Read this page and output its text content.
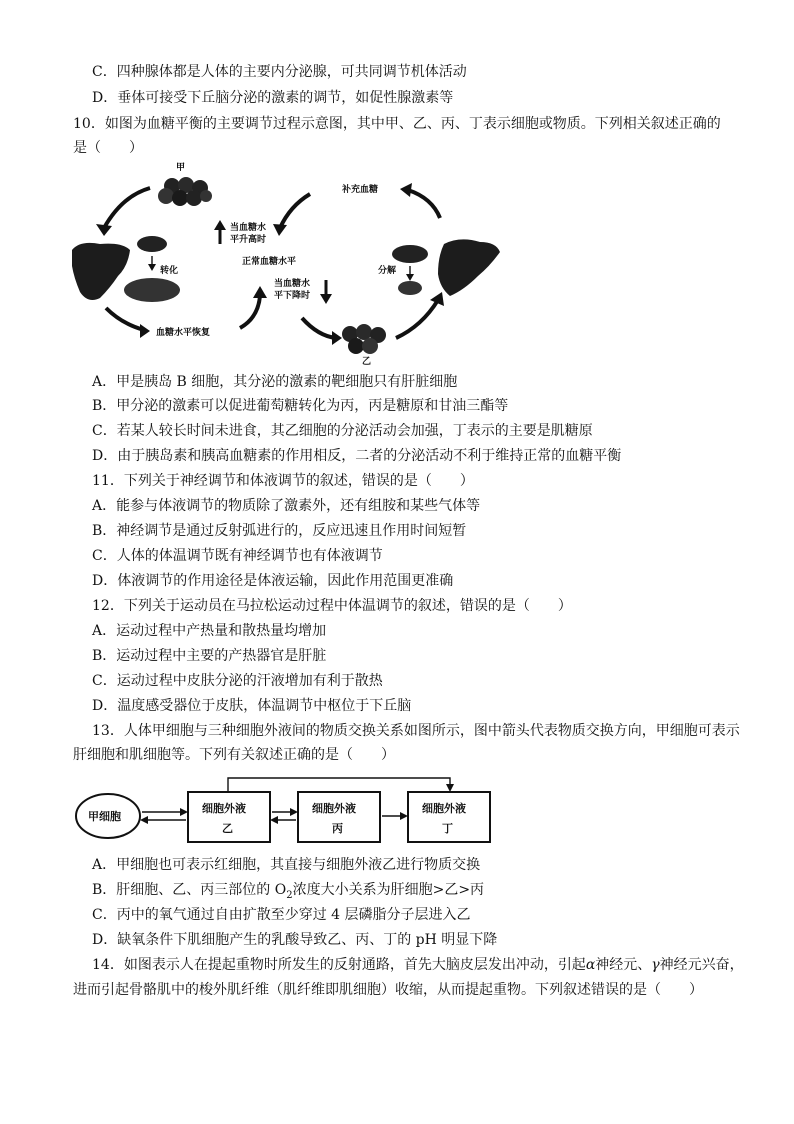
C．四种腺体都是人体的主要内分泌腺，可共同调节机体活动
D．垂体可接受下丘脑分泌的激素的调节，如促性腺激素等
10．如图为血糖平衡的主要调节过程示意图，其中甲、乙、丙、丁表示细胞或物质。下列相关叙述正确的
是（　　）
甲
转化
血糖水平恢复
当血糖水
平升高时
正常血糖水平
当血糖水
平下降时
乙
补充血糖
分解
A．甲是胰岛 B 细胞，其分泌的激素的靶细胞只有肝脏细胞
B．甲分泌的激素可以促进葡萄糖转化为丙，丙是糖原和甘油三酯等
C．若某人较长时间未进食，其乙细胞的分泌活动会加强，丁表示的主要是肌糖原
D．由于胰岛素和胰高血糖素的作用相反，二者的分泌活动不利于维持正常的血糖平衡
11．下列关于神经调节和体液调节的叙述，错误的是（　　）
A．能参与体液调节的物质除了激素外，还有组胺和某些气体等
B．神经调节是通过反射弧进行的，反应迅速且作用时间短暂
C．人体的体温调节既有神经调节也有体液调节
D．体液调节的作用途径是体液运输，因此作用范围更准确
12．下列关于运动员在马拉松运动过程中体温调节的叙述，错误的是（　　）
A．运动过程中产热量和散热量均增加
B．运动过程中主要的产热器官是肝脏
C．运动过程中皮肤分泌的汗液增加有利于散热
D．温度感受器位于皮肤，体温调节中枢位于下丘脑
13．人体甲细胞与三种细胞外液间的物质交换关系如图所示，图中箭头代表物质交换方向，甲细胞可表示
肝细胞和肌细胞等。下列有关叙述正确的是（　　）
甲细胞
细胞外液
乙
细胞外液
丙
细胞外液
丁
A．甲细胞也可表示红细胞，其直接与细胞外液乙进行物质交换
B．肝细胞、乙、丙三部位的 $O_2$浓度大小关系为肝细胞>乙>丙
C．丙中的氧气通过自由扩散至少穿过 4 层磷脂分子层进入乙
D．缺氧条件下肌细胞产生的乳酸导致乙、丙、丁的 pH 明显下降
14．如图表示人在提起重物时所发生的反射通路，首先大脑皮层发出冲动，引起α神经元、γ神经元兴奋，
进而引起骨骼肌中的梭外肌纤维（肌纤维即肌细胞）收缩，从而提起重物。下列叙述错误的是（　　）
